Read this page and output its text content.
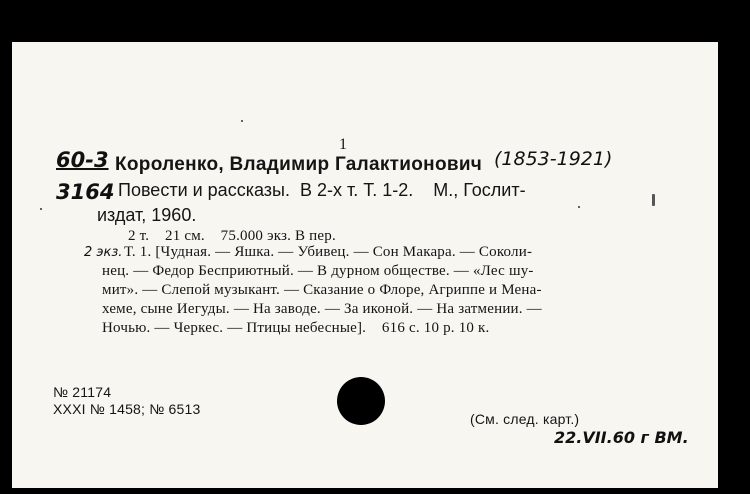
1
60-3
3164
Короленко, Владимир Галактионович (1853-1921)
Повести и рассказы.  В 2-х т. Т. 1-2.    М., Гослит-
издат, 1960.
2 т.    21 см.    75.000 экз. В пер.
2 экз. Т. 1. [Чудная. — Яшка. — Убивец. — Сон Макара. — Соколи-
нец. — Федор Бесприютный. — В дурном обществе. — «Лес шу-
мит». — Слепой музыкант. — Сказание о Флоре, Агриппе и Мена-
хеме, сыне Иегуды. — На заводе. — За иконой. — На затмении. —
Ночью. — Черкес. — Птицы небесные].    616 с. 10 р. 10 к.
№ 21174
XXXI № 1458; № 6513
(См. след. карт.)
22.VII.60 г ВМ.
